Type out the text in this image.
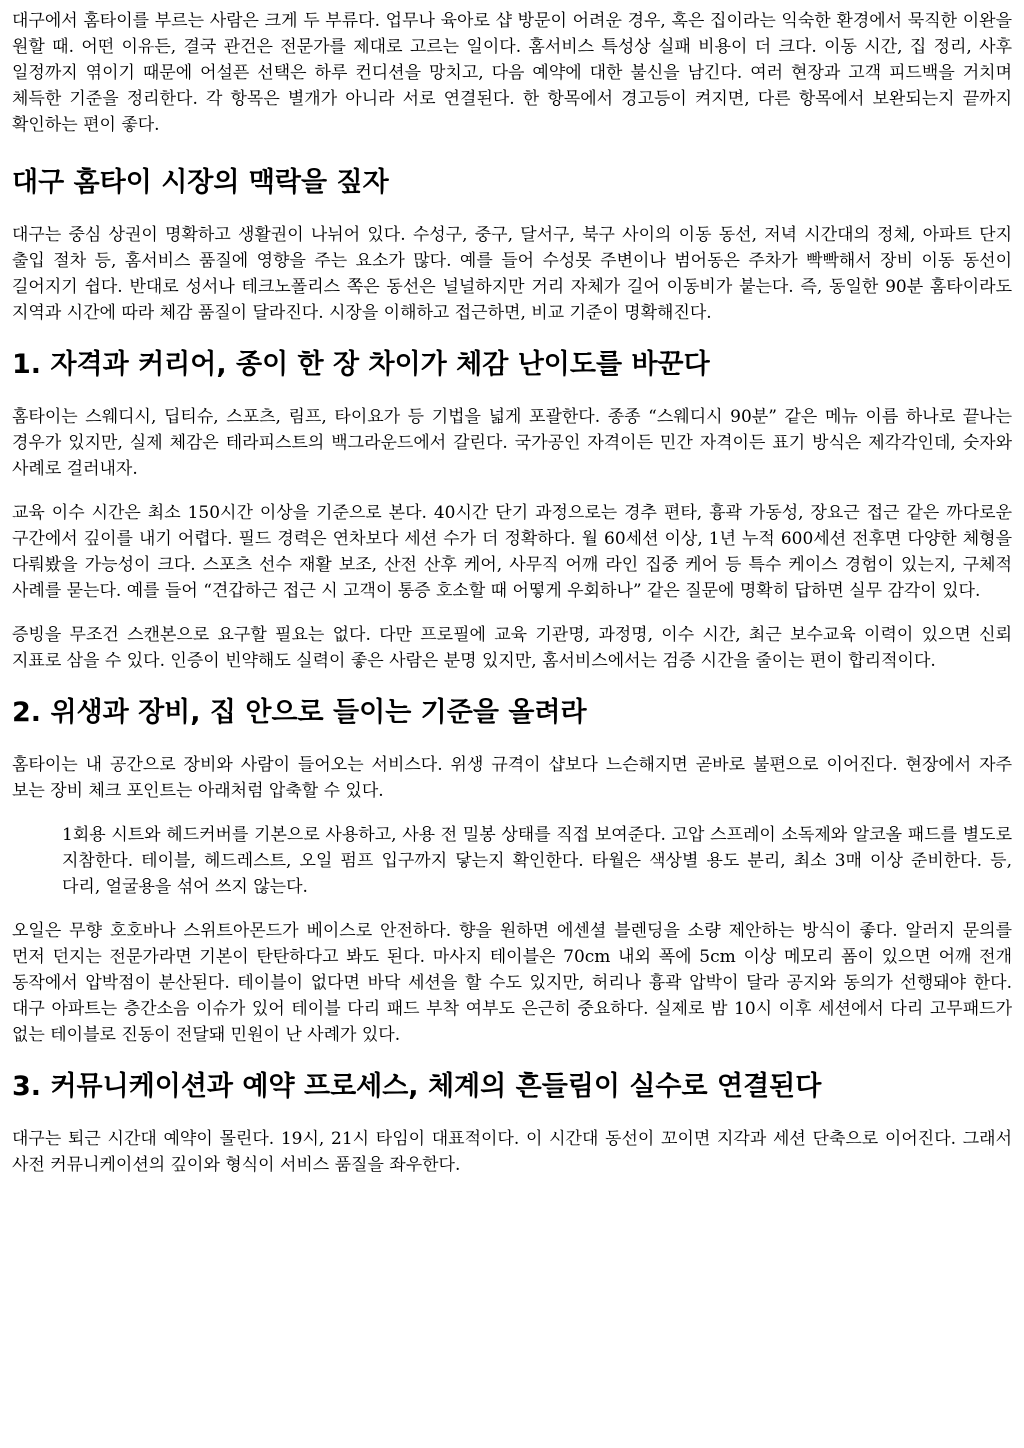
대구에서 홈타이를 부르는 사람은 크게 두 부류다. 업무나 육아로 샵 방문이 어려운 경우, 혹은 집이라는 익숙한 환경에서 묵직한 이완을 원할 때. 어떤 이유든, 결국 관건은 전문가를 제대로 고르는 일이다. 홈서비스 특성상 실패 비용이 더 크다. 이동 시간, 집 정리, 사후 일정까지 엮이기 때문에 어설픈 선택은 하루 컨디션을 망치고, 다음 예약에 대한 불신을 남긴다. 여러 현장과 고객 피드백을 거치며 체득한 기준을 정리한다. 각 항목은 별개가 아니라 서로 연결된다. 한 항목에서 경고등이 켜지면, 다른 항목에서 보완되는지 끝까지 확인하는 편이 좋다.

대구 홈타이 시장의 맥락을 짚자

대구는 중심 상권이 명확하고 생활권이 나뉘어 있다. 수성구, 중구, 달서구, 북구 사이의 이동 동선, 저녁 시간대의 정체, 아파트 단지 출입 절차 등, 홈서비스 품질에 영향을 주는 요소가 많다. 예를 들어 수성못 주변이나 범어동은 주차가 빡빡해서 장비 이동 동선이 길어지기 쉽다. 반대로 성서나 테크노폴리스 쪽은 동선은 널널하지만 거리 자체가 길어 이동비가 붙는다. 즉, 동일한 90분 홈타이라도 지역과 시간에 따라 체감 품질이 달라진다. 시장을 이해하고 접근하면, 비교 기준이 명확해진다.

1. 자격과 커리어, 종이 한 장 차이가 체감 난이도를 바꾼다

홈타이는 스웨디시, 딥티슈, 스포츠, 림프, 타이요가 등 기법을 넓게 포괄한다. 종종 “스웨디시 90분” 같은 메뉴 이름 하나로 끝나는 경우가 있지만, 실제 체감은 테라피스트의 백그라운드에서 갈린다. 국가공인 자격이든 민간 자격이든 표기 방식은 제각각인데, 숫자와 사례로 걸러내자.

교육 이수 시간은 최소 150시간 이상을 기준으로 본다. 40시간 단기 과정으로는 경추 편타, 흉곽 가동성, 장요근 접근 같은 까다로운 구간에서 깊이를 내기 어렵다. 필드 경력은 연차보다 세션 수가 더 정확하다. 월 60세션 이상, 1년 누적 600세션 전후면 다양한 체형을 다뤄봤을 가능성이 크다. 스포츠 선수 재활 보조, 산전 산후 케어, 사무직 어깨 라인 집중 케어 등 특수 케이스 경험이 있는지, 구체적 사례를 묻는다. 예를 들어 “견갑하근 접근 시 고객이 통증 호소할 때 어떻게 우회하나” 같은 질문에 명확히 답하면 실무 감각이 있다.

증빙을 무조건 스캔본으로 요구할 필요는 없다. 다만 프로필에 교육 기관명, 과정명, 이수 시간, 최근 보수교육 이력이 있으면 신뢰 지표로 삼을 수 있다. 인증이 빈약해도 실력이 좋은 사람은 분명 있지만, 홈서비스에서는 검증 시간을 줄이는 편이 합리적이다.

2. 위생과 장비, 집 안으로 들이는 기준을 올려라

홈타이는 내 공간으로 장비와 사람이 들어오는 서비스다. 위생 규격이 샵보다 느슨해지면 곧바로 불편으로 이어진다. 현장에서 자주 보는 장비 체크 포인트는 아래처럼 압축할 수 있다.

1회용 시트와 헤드커버를 기본으로 사용하고, 사용 전 밀봉 상태를 직접 보여준다. 고압 스프레이 소독제와 알코올 패드를 별도로 지참한다. 테이블, 헤드레스트, 오일 펌프 입구까지 닿는지 확인한다. 타월은 색상별 용도 분리, 최소 3매 이상 준비한다. 등, 다리, 얼굴용을 섞어 쓰지 않는다.

오일은 무향 호호바나 스위트아몬드가 베이스로 안전하다. 향을 원하면 에센셜 블렌딩을 소량 제안하는 방식이 좋다. 알러지 문의를 먼저 던지는 전문가라면 기본이 탄탄하다고 봐도 된다. 마사지 테이블은 70cm 내외 폭에 5cm 이상 메모리 폼이 있으면 어깨 전개 동작에서 압박점이 분산된다. 테이블이 없다면 바닥 세션을 할 수도 있지만, 허리나 흉곽 압박이 달라 공지와 동의가 선행돼야 한다. 대구 아파트는 층간소음 이슈가 있어 테이블 다리 패드 부착 여부도 은근히 중요하다. 실제로 밤 10시 이후 세션에서 다리 고무패드가 없는 테이블로 진동이 전달돼 민원이 난 사례가 있다.

3. 커뮤니케이션과 예약 프로세스, 체계의 흔들림이 실수로 연결된다

대구는 퇴근 시간대 예약이 몰린다. 19시, 21시 타임이 대표적이다. 이 시간대 동선이 꼬이면 지각과 세션 단축으로 이어진다. 그래서 사전 커뮤니케이션의 깊이와 형식이 서비스 품질을 좌우한다.
